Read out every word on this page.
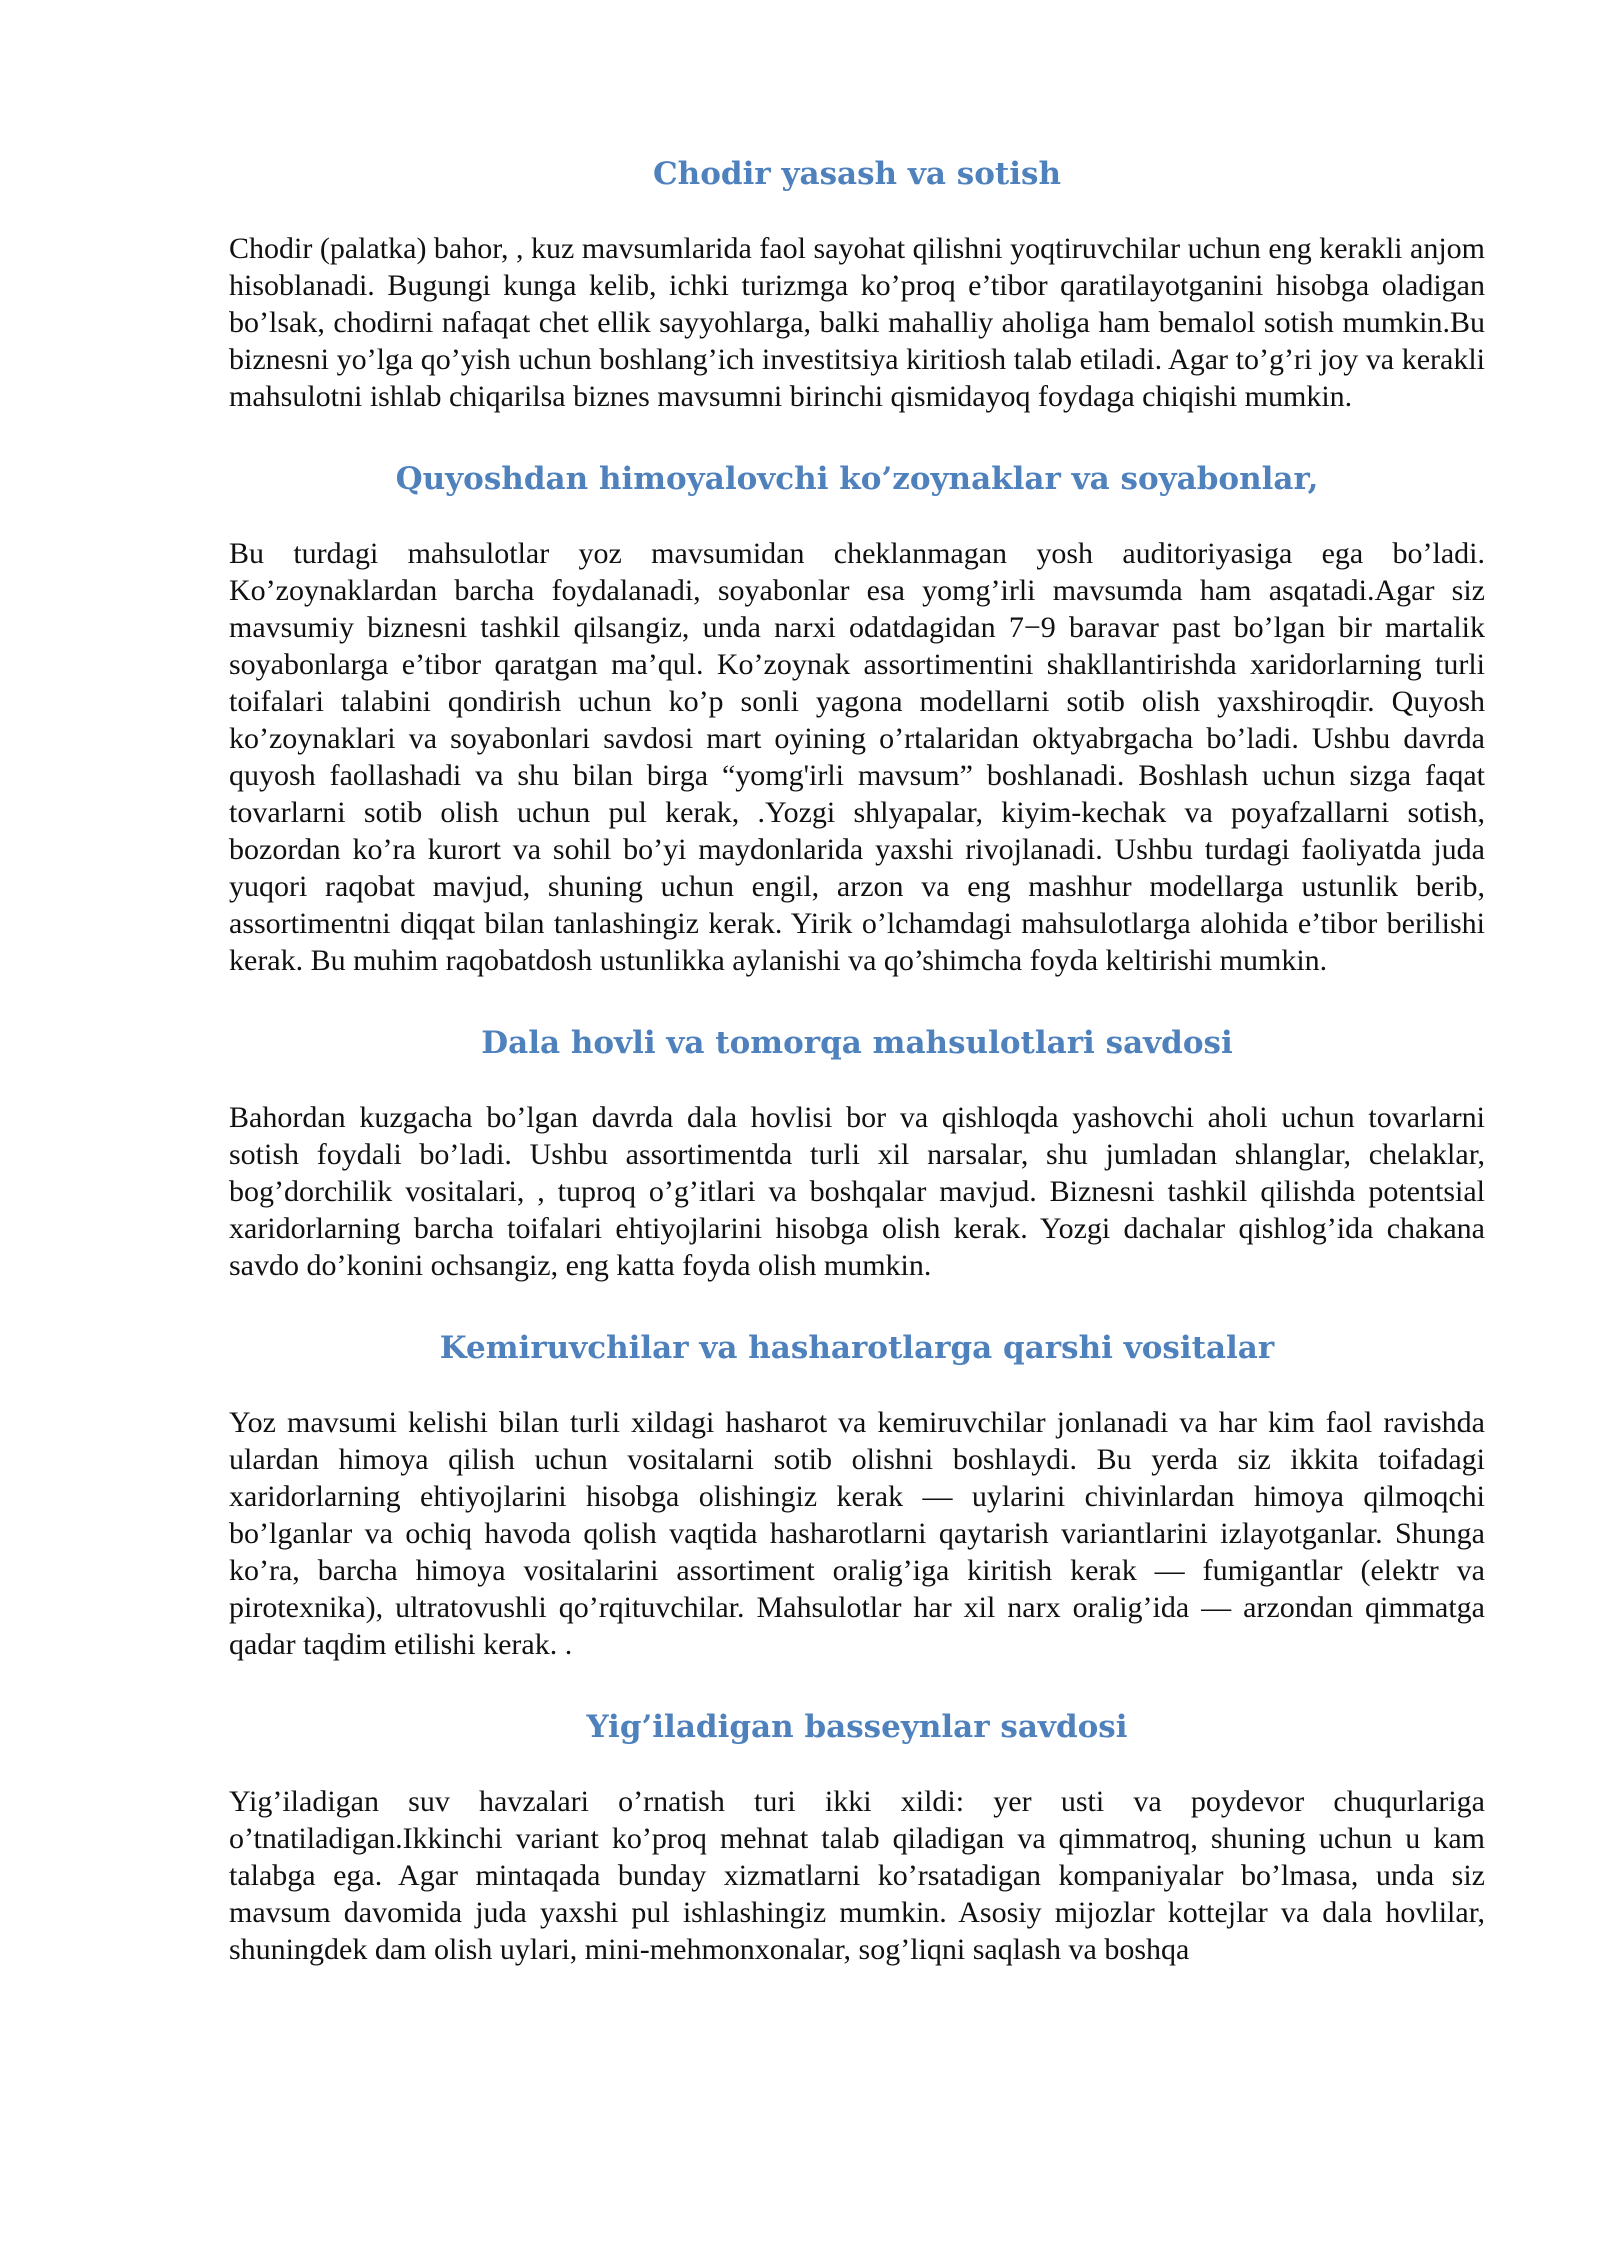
Chodir yasash va sotish

Chodir (palatka) bahor, , kuz mavsumlarida faol sayohat qilishni yoqtiruvchilar uchun eng kerakli anjom hisoblanadi. Bugungi kunga kelib, ichki turizmga ko’proq e’tibor qaratilayotganini hisobga oladigan bo’lsak, chodirni nafaqat chet ellik sayyohlarga, balki mahalliy aholiga ham bemalol sotish mumkin.Bu biznesni yo’lga qo’yish uchun boshlang’ich investitsiya kiritiosh talab etiladi. Agar to’g’ri joy va kerakli mahsulotni ishlab chiqarilsa biznes mavsumni birinchi qismidayoq foydaga chiqishi mumkin.

Quyoshdan himoyalovchi ko’zoynaklar va soyabonlar,

Bu turdagi mahsulotlar yoz mavsumidan cheklanmagan yosh auditoriyasiga ega bo’ladi. Ko’zoynaklardan barcha foydalanadi, soyabonlar esa yomg’irli mavsumda ham asqatadi.Agar siz mavsumiy biznesni tashkil qilsangiz, unda narxi odatdagidan 7−9 baravar past bo’lgan bir martalik soyabonlarga e’tibor qaratgan ma’qul. Ko’zoynak assortimentini shakllantirishda xaridorlarning turli toifalari talabini qondirish uchun ko’p sonli yagona modellarni sotib olish yaxshiroqdir. Quyosh ko’zoynaklari va soyabonlari savdosi mart oyining o’rtalaridan oktyabrgacha bo’ladi. Ushbu davrda quyosh faollashadi va shu bilan birga “yomg'irli mavsum” boshlanadi. Boshlash uchun sizga faqat tovarlarni sotib olish uchun pul kerak, .Yozgi shlyapalar, kiyim-kechak va poyafzallarni sotish, bozordan ko’ra kurort va sohil bo’yi maydonlarida yaxshi rivojlanadi. Ushbu turdagi faoliyatda juda yuqori raqobat mavjud, shuning uchun engil, arzon va eng mashhur modellarga ustunlik berib, assortimentni diqqat bilan tanlashingiz kerak. Yirik o’lchamdagi mahsulotlarga alohida e’tibor berilishi kerak. Bu muhim raqobatdosh ustunlikka aylanishi va qo’shimcha foyda keltirishi mumkin.

Dala hovli va tomorqa mahsulotlari savdosi

Bahordan kuzgacha bo’lgan davrda dala hovlisi bor va qishloqda yashovchi aholi uchun tovarlarni sotish foydali bo’ladi. Ushbu assortimentda turli xil narsalar, shu jumladan shlanglar, chelaklar, bog’dorchilik vositalari, , tuproq o’g’itlari va boshqalar mavjud. Biznesni tashkil qilishda potentsial xaridorlarning barcha toifalari ehtiyojlarini hisobga olish kerak. Yozgi dachalar qishlog’ida chakana savdo do’konini ochsangiz, eng katta foyda olish mumkin.

Kemiruvchilar va hasharotlarga qarshi vositalar

Yoz mavsumi kelishi bilan turli xildagi hasharot va kemiruvchilar jonlanadi va har kim faol ravishda ulardan himoya qilish uchun vositalarni sotib olishni boshlaydi. Bu yerda siz ikkita toifadagi xaridorlarning ehtiyojlarini hisobga olishingiz kerak — uylarini chivinlardan himoya qilmoqchi bo’lganlar va ochiq havoda qolish vaqtida hasharotlarni qaytarish variantlarini izlayotganlar. Shunga ko’ra, barcha himoya vositalarini assortiment oralig’iga kiritish kerak — fumigantlar (elektr va pirotexnika), ultratovushli qo’rqituvchilar. Mahsulotlar har xil narx oralig’ida — arzondan qimmatga qadar taqdim etilishi kerak. .

Yig’iladigan basseynlar savdosi

Yig’iladigan suv havzalari o’rnatish turi ikki xildi: yer usti va poydevor chuqurlariga o’tnatiladigan.Ikkinchi variant ko’proq mehnat talab qiladigan va qimmatroq, shuning uchun u kam talabga ega. Agar mintaqada bunday xizmatlarni ko’rsatadigan kompaniyalar bo’lmasa, unda siz mavsum davomida juda yaxshi pul ishlashingiz mumkin. Asosiy mijozlar kottejlar va dala hovlilar, shuningdek dam olish uylari, mini-mehmonxonalar, sog’liqni saqlash va boshqa
